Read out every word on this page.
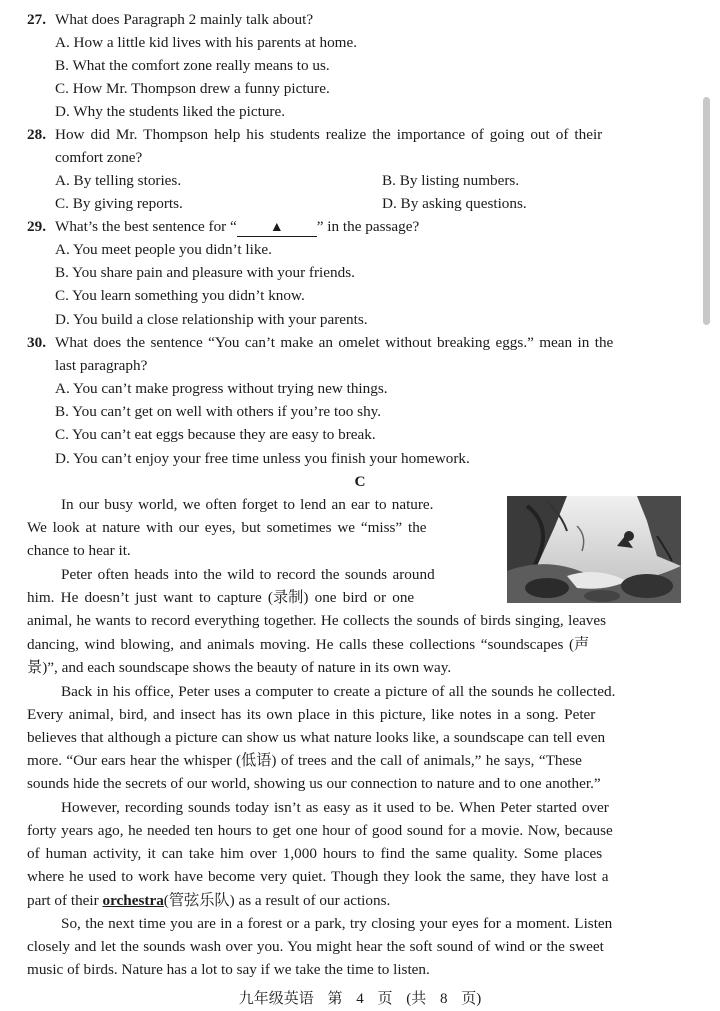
27. What does Paragraph 2 mainly talk about?
A. How a little kid lives with his parents at home.
B. What the comfort zone really means to us.
C. How Mr. Thompson drew a funny picture.
D. Why the students liked the picture.
28. How did Mr. Thompson help his students realize the importance of going out of their
comfort zone?
A. By telling stories.	B. By listing numbers.
C. By giving reports.	D. By asking questions.
29. What’s the best sentence for “ ▲ ” in the passage?
A. You meet people you didn’t like.
B. You share pain and pleasure with your friends.
C. You learn something you didn’t know.
D. You build a close relationship with your parents.
30. What does the sentence “You can’t make an omelet without breaking eggs.” mean in the
last paragraph?
A. You can’t make progress without trying new things.
B. You can’t get on well with others if you’re too shy.
C. You can’t eat eggs because they are easy to break.
D. You can’t enjoy your free time unless you finish your homework.
C
In our busy world, we often forget to lend an ear to nature.
We look at nature with our eyes, but sometimes we “miss” the
chance to hear it.
Peter often heads into the wild to record the sounds around
him. He doesn’t just want to capture (录制) one bird or one
animal, he wants to record everything together. He collects the sounds of birds singing, leaves
dancing, wind blowing, and animals moving. He calls these collections “soundscapes (声
景)”, and each soundscape shows the beauty of nature in its own way.
Back in his office, Peter uses a computer to create a picture of all the sounds he collected.
Every animal, bird, and insect has its own place in this picture, like notes in a song. Peter
believes that although a picture can show us what nature looks like, a soundscape can tell even
more. “Our ears hear the whisper (低语) of trees and the call of animals,” he says, “These
sounds hide the secrets of our world, showing us our connection to nature and to one another.”
However, recording sounds today isn’t as easy as it used to be. When Peter started over
forty years ago, he needed ten hours to get one hour of good sound for a movie. Now, because
of human activity, it can take him over 1,000 hours to find the same quality. Some places
where he used to work have become very quiet. Though they look the same, they have lost a
part of their orchestra(管弦乐队) as a result of our actions.
So, the next time you are in a forest or a park, try closing your eyes for a moment. Listen
closely and let the sounds wash over you. You might hear the soft sound of wind or the sweet
music of birds. Nature has a lot to say if we take the time to listen.
九年级英语 第 4 页 (共 8 页)
